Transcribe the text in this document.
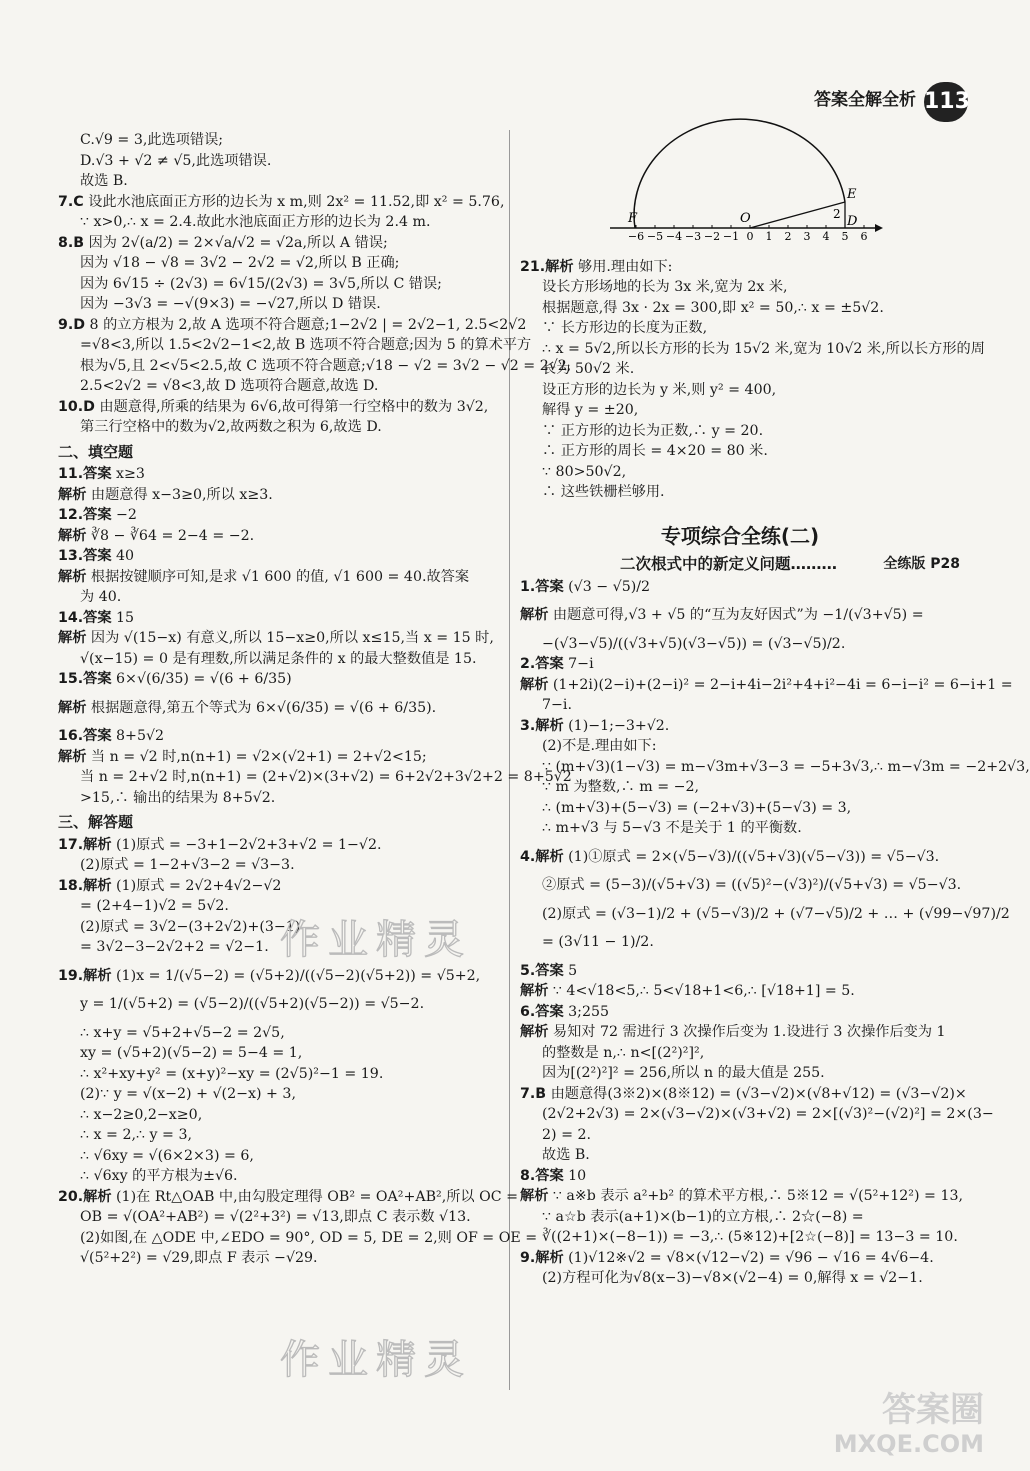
答案全解全析 113
C.√9 = 3,此选项错误;
D.√3 + √2 ≠ √5,此选项错误.
故选 B.
7.C 设此水池底面正方形的边长为 x m,则 2x² = 11.52,即 x² = 5.76,
∵ x>0,∴ x = 2.4.故此水池底面正方形的边长为 2.4 m.
8.B 因为 2√(a/2) = 2×√a/√2 = √2a,所以 A 错误;
因为 √18 − √8 = 3√2 − 2√2 = √2,所以 B 正确;
因为 6√15 ÷ (2√3) = 6√15/(2√3) = 3√5,所以 C 错误;
因为 −3√3 = −√(9×3) = −√27,所以 D 错误.
9.D 8 的立方根为 2,故 A 选项不符合题意;1−2√2 | = 2√2−1, 2.5<2√2
=√8<3,所以 1.5<2√2−1<2,故 B 选项不符合题意;因为 5 的算术平方
根为√5,且 2<√5<2.5,故 C 选项不符合题意;√18 − √2 = 3√2 − √2 = 2√2,
2.5<2√2 = √8<3,故 D 选项符合题意,故选 D.
10.D 由题意得,所乘的结果为 6√6,故可得第一行空格中的数为 3√2,
第三行空格中的数为√2,故两数之积为 6,故选 D.
二、填空题
11.答案 x≥3
解析 由题意得 x−3≥0,所以 x≥3.
12.答案 −2
解析 ∛8 − ∛64 = 2−4 = −2.
13.答案 40
解析 根据按键顺序可知,是求 √1 600 的值, √1 600 = 40.故答案
为 40.
14.答案 15
解析 因为 √(15−x) 有意义,所以 15−x≥0,所以 x≤15,当 x = 15 时,
√(x−15) = 0 是有理数,所以满足条件的 x 的最大整数值是 15.
15.答案 6×√(6/35) = √(6 + 6/35)
解析 根据题意得,第五个等式为 6×√(6/35) = √(6 + 6/35).
16.答案 8+5√2
解析 当 n = √2 时,n(n+1) = √2×(√2+1) = 2+√2<15;
当 n = 2+√2 时,n(n+1) = (2+√2)×(3+√2) = 6+2√2+3√2+2 = 8+5√2
>15,∴ 输出的结果为 8+5√2.
三、解答题
17.解析 (1)原式 = −3+1−2√2+3+√2 = 1−√2.
(2)原式 = 1−2+√3−2 = √3−3.
18.解析 (1)原式 = 2√2+4√2−√2
= (2+4−1)√2 = 5√2.
(2)原式 = 3√2−(3+2√2)+(3−1)
= 3√2−3−2√2+2 = √2−1.
19.解析 (1)x = 1/(√5−2) = (√5+2)/((√5−2)(√5+2)) = √5+2,
y = 1/(√5+2) = (√5−2)/((√5+2)(√5−2)) = √5−2.
∴ x+y = √5+2+√5−2 = 2√5,
xy = (√5+2)(√5−2) = 5−4 = 1,
∴ x²+xy+y² = (x+y)²−xy = (2√5)²−1 = 19.
(2)∵ y = √(x−2) + √(2−x) + 3,
∴ x−2≥0,2−x≥0,
∴ x = 2,∴ y = 3,
∴ √6xy = √(6×2×3) = 6,
∴ √6xy 的平方根为±√6.
20.解析 (1)在 Rt△OAB 中,由勾股定理得 OB² = OA²+AB²,所以 OC =
OB = √(OA²+AB²) = √(2²+3²) = √13,即点 C 表示数 √13.
(2)如图,在 △ODE 中,∠EDO = 90°, OD = 5, DE = 2,则 OF = OE =
√(5²+2²) = √29,即点 F 表示 −√29.
−6 −5 −4 −3 −2 −1 0 1 2 3 4 5 6
F	O
E
D
2
21.解析 够用.理由如下:
设长方形场地的长为 3x 米,宽为 2x 米,
根据题意,得 3x · 2x = 300,即 x² = 50,∴ x = ±5√2.
∵ 长方形边的长度为正数,
∴ x = 5√2,所以长方形的长为 15√2 米,宽为 10√2 米,所以长方形的周
长为 50√2 米.
设正方形的边长为 y 米,则 y² = 400,
解得 y = ±20,
∵ 正方形的边长为正数,∴ y = 20.
∴ 正方形的周长 = 4×20 = 80 米.
∵ 80>50√2,
∴ 这些铁栅栏够用.
专项综合全练(二)
二次根式中的新定义问题………	全练版 P28
1.答案 (√3 − √5)/2
解析 由题意可得,√3 + √5 的“互为友好因式”为 −1/(√3+√5) =
−(√3−√5)/((√3+√5)(√3−√5)) = (√3−√5)/2.
2.答案 7−i
解析 (1+2i)(2−i)+(2−i)² = 2−i+4i−2i²+4+i²−4i = 6−i−i² = 6−i+1 =
7−i.
3.解析 (1)−1;−3+√2.
(2)不是.理由如下:
∵ (m+√3)(1−√3) = m−√3m+√3−3 = −5+3√3,∴ m−√3m = −2+2√3,
∵ m 为整数,∴ m = −2,
∴ (m+√3)+(5−√3) = (−2+√3)+(5−√3) = 3,
∴ m+√3 与 5−√3 不是关于 1 的平衡数.
4.解析 (1)①原式 = 2×(√5−√3)/((√5+√3)(√5−√3)) = √5−√3.
②原式 = (5−3)/(√5+√3) = ((√5)²−(√3)²)/(√5+√3) = √5−√3.
(2)原式 = (√3−1)/2 + (√5−√3)/2 + (√7−√5)/2 + … + (√99−√97)/2
= (3√11 − 1)/2.
5.答案 5
解析 ∵ 4<√18<5,∴ 5<√18+1<6,∴ [√18+1] = 5.
6.答案 3;255
解析 易知对 72 需进行 3 次操作后变为 1.设进行 3 次操作后变为 1
的整数是 n,∴ n<[(2²)²]²,
因为[(2²)²]² = 256,所以 n 的最大值是 255.
7.B 由题意得(3※2)×(8※12) = (√3−√2)×(√8+√12) = (√3−√2)×
(2√2+2√3) = 2×(√3−√2)×(√3+√2) = 2×[(√3)²−(√2)²] = 2×(3−
2) = 2.
故选 B.
8.答案 10
解析 ∵ a※b 表示 a²+b² 的算术平方根,∴ 5※12 = √(5²+12²) = 13,
∵ a☆b 表示(a+1)×(b−1)的立方根,∴ 2☆(−8) =
∛((2+1)×(−8−1)) = −3,∴ (5※12)+[2☆(−8)] = 13−3 = 10.
9.解析 (1)√12※√2 = √8×(√12−√2) = √96 − √16 = 4√6−4.
(2)方程可化为√8(x−3)−√8×(√2−4) = 0,解得 x = √2−1.
作业精灵
作业精灵
答案圈
MXQE.COM
